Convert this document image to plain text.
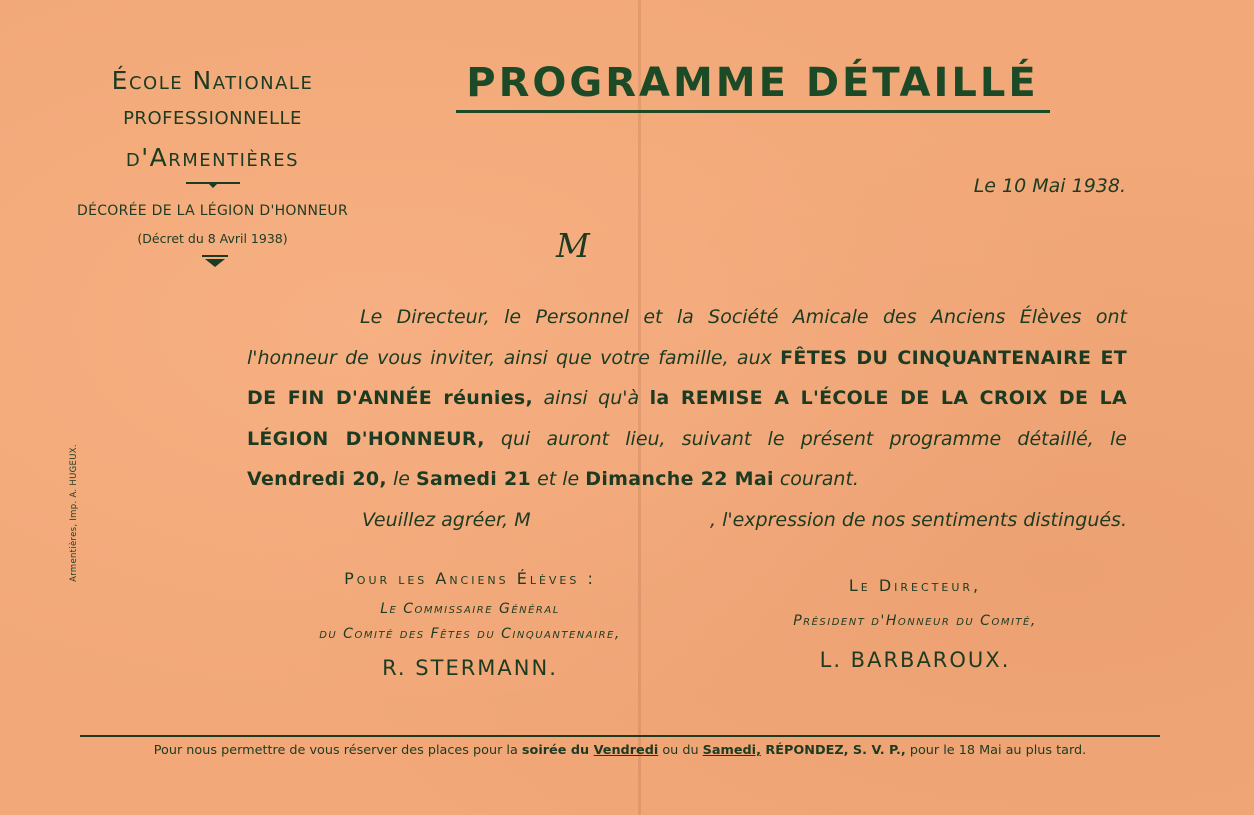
École Nationale

PROFESSIONNELLE

d'Armentières

DÉCORÉE DE LA LÉGION D'HONNEUR

(Décret du 8 Avril 1938)

PROGRAMME DÉTAILLÉ

Le 10 Mai 1938.

M

Le Directeur, le Personnel et la Société Amicale des Anciens Élèves ont l'honneur de vous inviter, ainsi que votre famille, aux FÊTES DU CINQUANTENAIRE ET DE FIN D'ANNÉE réunies, ainsi qu'à la REMISE A L'ÉCOLE DE LA CROIX DE LA LÉGION D'HONNEUR, qui auront lieu, suivant le présent programme détaillé, le Vendredi 20, le Samedi 21 et le Dimanche 22 Mai courant.

Veuillez agréer, M	, l'expression de nos sentiments distingués.

Pour les Anciens Élèves :

Le Commissaire Général

du Comité des Fêtes du Cinquantenaire,

R. STERMANN.

Le Directeur,

Président d'Honneur du Comité,

L. BARBAROUX.

Pour nous permettre de vous réserver des places pour la soirée du Vendredi ou du Samedi, RÉPONDEZ, S. V. P., pour le 18 Mai au plus tard.

Armentières, Imp. A. HUGEUX.
